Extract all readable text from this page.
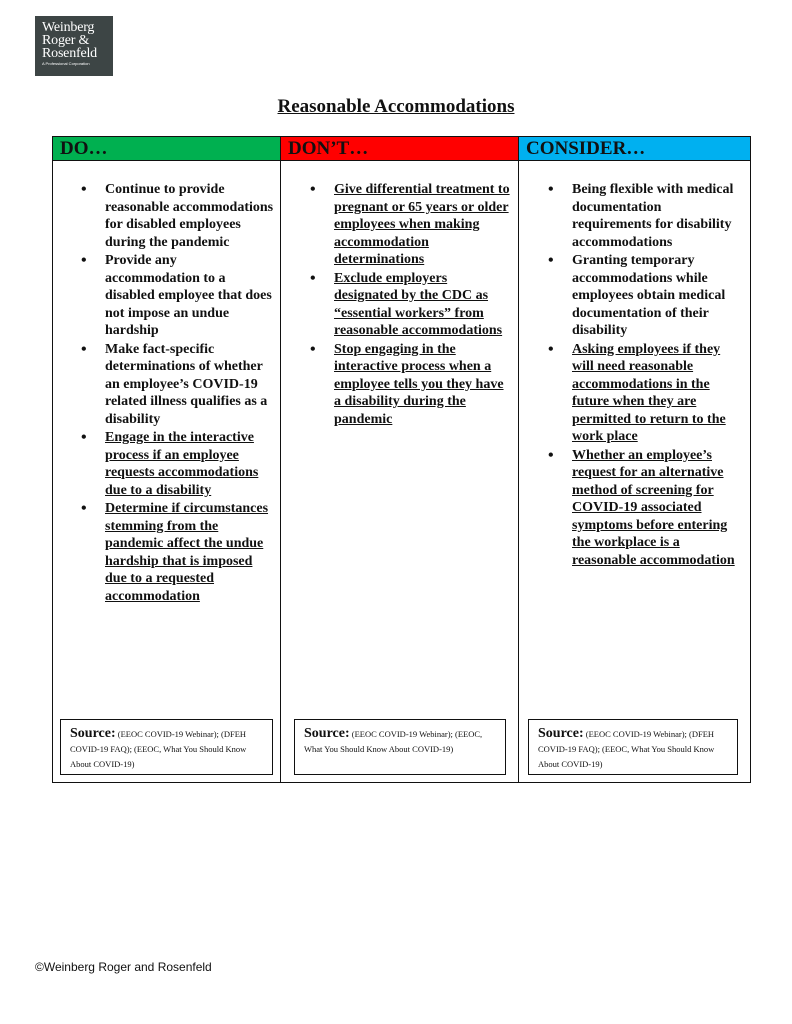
Weinberg
Roger &
Rosenfeld
A Professional Corporation
Reasonable Accommodations
DO…
• Continue to provide reasonable accommodations for disabled employees during the pandemic
• Provide any accommodation to a disabled employee that does not impose an undue hardship
• Make fact-specific determinations of whether an employee’s COVID-19 related illness qualifies as a disability
• Engage in the interactive process if an employee requests accommodations due to a disability
• Determine if circumstances stemming from the pandemic affect the undue hardship that is imposed due to a requested accommodation
Source: (EEOC COVID-19 Webinar); (DFEH COVID-19 FAQ); (EEOC, What You Should Know About COVID-19)
DON’T…
• Give differential treatment to pregnant or 65 years or older employees when making accommodation determinations
• Exclude employers designated by the CDC as “essential workers” from reasonable accommodations
• Stop engaging in the interactive process when a employee tells you they have a disability during the pandemic
Source: (EEOC COVID-19 Webinar); (EEOC, What You Should Know About COVID-19)
CONSIDER…
• Being flexible with medical documentation requirements for disability accommodations
• Granting temporary accommodations while employees obtain medical documentation of their disability
• Asking employees if they will need reasonable accommodations in the future when they are permitted to return to the work place
• Whether an employee’s request for an alternative method of screening for COVID-19 associated symptoms before entering the workplace is a reasonable accommodation
Source: (EEOC COVID-19 Webinar); (DFEH COVID-19 FAQ); (EEOC, What You Should Know About COVID-19)
©Weinberg Roger and Rosenfeld
